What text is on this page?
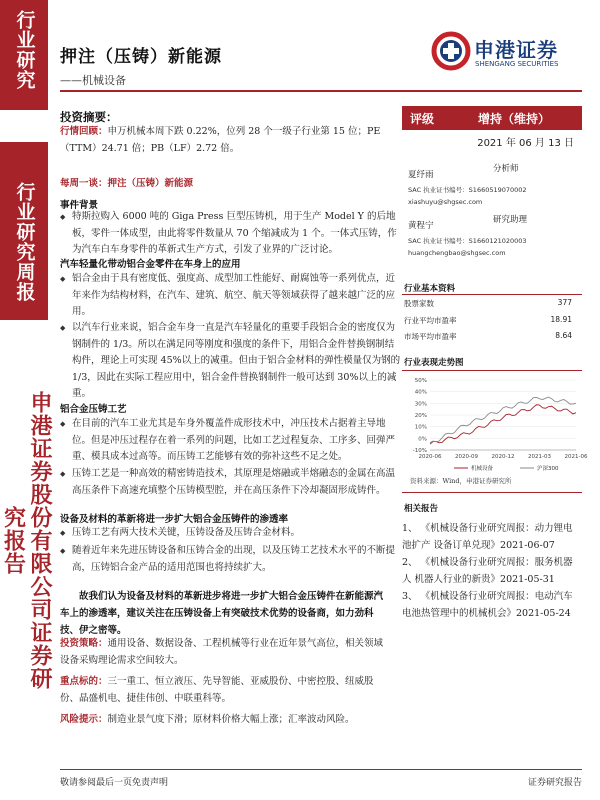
行业研究
行业研究周报
申港证券股份有限公司证券研究报告
押注（压铸）新能源
——机械设备
申港证券
SHENGANG SECURITIES
投资摘要：
行情回顾：申万机械本周下跌 0.22%，位列 28 个一级子行业第 15 位；PE（TTM）24.71 倍；PB（LF）2.72 倍。
每周一谈：押注（压铸）新能源
事件背景
◆ 特斯拉购入 6000 吨的 Giga Press 巨型压铸机，用于生产 Model Y 的后地板，零件一体成型，由此将零件数量从 70 个缩减成为 1 个。一体式压铸，作为汽车白车身零件的革新式生产方式，引发了业界的广泛讨论。
汽车轻量化带动铝合金零件在车身上的应用
◆ 铝合金由于具有密度低、强度高、成型加工性能好、耐腐蚀等一系列优点，近年来作为结构材料，在汽车、建筑、航空、航天等领域获得了越来越广泛的应用。
◆ 以汽车行业来说，铝合金车身一直是汽车轻量化的重要手段铝合金的密度仅为钢制件的 1/3。所以在满足同等刚度和强度的条件下，用铝合金件替换钢制结构件，理论上可实现 45%以上的减重。但由于铝合金材料的弹性模量仅为钢的 1/3，因此在实际工程应用中，铝合金件替换钢制件一般可达到 30%以上的减重。
铝合金压铸工艺
◆ 在目前的汽车工业尤其是车身外覆盖件成形技术中，冲压技术占据着主导地位。但是冲压过程存在着一系列的问题，比如工艺过程复杂、工序多、回弹严重、模具成本过高等。而压铸工艺能够有效的弥补这些不足之处。
◆ 压铸工艺是一种高效的精密铸造技术，其原理是熔融或半熔融态的金属在高温高压条件下高速充填整个压铸模型腔，并在高压条件下冷却凝固形成铸件。
设备及材料的革新将进一步扩大铝合金压铸件的渗透率
◆ 压铸工艺有两大技术关键，压铸设备及压铸合金材料。
◆ 随着近年来先进压铸设备和压铸合金的出现，以及压铸工艺技术水平的不断提高，压铸铝合金产品的适用范围也将持续扩大。
故我们认为设备及材料的革新进步将进一步扩大铝合金压铸件在新能源汽车上的渗透率，建议关注在压铸设备上有突破技术优势的设备商，如力劲科技、伊之密等。
投资策略：通用设备、数据设备、工程机械等行业在近年景气高位，相关领域设备采购理论需求空间较大。
重点标的：三一重工、恒立液压、先导智能、亚威股份、中密控股、纽威股份、晶盛机电、捷佳伟创、中联重科等。
风险提示：制造业景气度下滑；原材料价格大幅上涨；汇率波动风险。
评级	增持（维持）
2021 年 06 月 13 日
夏纾雨
分析师
SAC 执业证书编号：S1660519070002
xiashuyu@shgsec.com
黄程宁
研究助理
SAC 执业证书编号：S1660121020003
huangchengbao@shgsec.com
行业基本资料
股票家数	377
行业平均市盈率	18.91
市场平均市盈率	8.64
行业表现走势图
50%
40%
30%
20%
10%
0%
-10%
2020-06 2020-09 2020-12 2021-03 2021-06
机械设备	沪深300
资料来源：Wind，申港证券研究所
相关报告
1、 《机械设备行业研究周报：动力锂电池扩产 设备订单兑现》2021-06-07
2、 《机械设备行业研究周报：服务机器人 机器人行业的新贵》2021-05-31
3、 《机械设备行业研究周报：电动汽车电池热管理中的机械机会》2021-05-24
敬请参阅最后一页免责声明	证券研究报告
